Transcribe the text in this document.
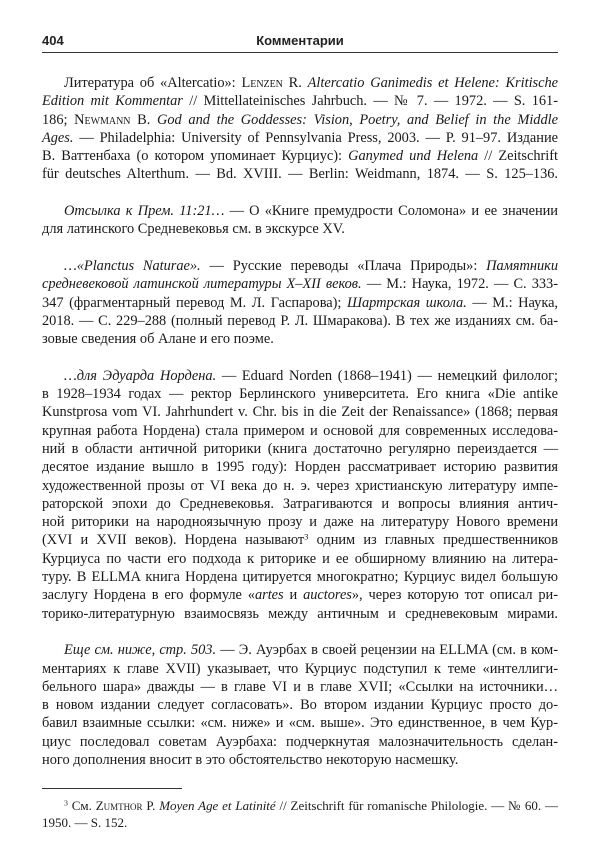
404	Комментарии
Литература об «Altercatio»: Lenzen R. Altercatio Ganimedis et Helene: Kritische
Edition mit Kommentar // Mittellateinisches Jahrbuch. — № 7. — 1972. — S. 161-
186; Newmann B. God and the Goddesses: Vision, Poetry, and Belief in the Middle
Ages. — Philadelphia: University of Pennsylvania Press, 2003. — P. 91–97. Издание
В. Ваттенбаха (о котором упоминает Курциус): Ganymed und Helena // Zeitschrift
für deutsches Alterthum. — Bd. XVIII. — Berlin: Weidmann, 1874. — S. 125–136.
Отсылка к Прем. 11:21… — О «Книге премудрости Соломона» и ее значении
для латинского Средневековья см. в экскурсе XV.
…«Planctus Naturae». — Русские переводы «Плача Природы»: Памятники
средневековой латинской литературы X–XII веков. — М.: Наука, 1972. — С. 333-
347 (фрагментарный перевод М. Л. Гаспарова); Шартрская школа. — М.: Наука,
2018. — С. 229–288 (полный перевод Р. Л. Шмаракова). В тех же изданиях см. ба-
зовые сведения об Алане и его поэме.
…для Эдуарда Нордена. — Eduard Norden (1868–1941) — немецкий филолог;
в 1928–1934 годах — ректор Берлинского университета. Его книга «Die antike
Kunstprosa vom VI. Jahrhundert v. Chr. bis in die Zeit der Renaissance» (1868; первая
крупная работа Нордена) стала примером и основой для современных исследова-
ний в области античной риторики (книга достаточно регулярно переиздается —
десятое издание вышло в 1995 году): Норден рассматривает историю развития
художественной прозы от VI века до н. э. через христианскую литературу импе-
раторской эпохи до Средневековья. Затрагиваются и вопросы влияния антич-
ной риторики на народноязычную прозу и даже на литературу Нового времени
(XVI и XVII веков). Нордена называют$^3$ одним из главных предшественников
Курциуса по части его подхода к риторике и ее обширному влиянию на литера-
туру. В ELLMA книга Нордена цитируется многократно; Курциус видел большую
заслугу Нордена в его формуле «artes и auctores», через которую тот описал ри-
торико-литературную взаимосвязь между античным и средневековым мирами.
Еще см. ниже, стр. 503. — Э. Ауэрбах в своей рецензии на ELLMA (см. в ком-
ментариях к главе XVII) указывает, что Курциус подступил к теме «интеллиги-
бельного шара» дважды — в главе VI и в главе XVII; «Ссылки на источники…
в новом издании следует согласовать». Во втором издании Курциус просто до-
бавил взаимные ссылки: «см. ниже» и «см. выше». Это единственное, в чем Кур-
циус последовал советам Ауэрбаха: подчеркнутая малозначительность сделан-
ного дополнения вносит в это обстоятельство некоторую насмешку.
$^3$ См. Zumthor P. Moyen Age et Latinité // Zeitschrift für romanische Philologie. — № 60. —
1950. — S. 152.
